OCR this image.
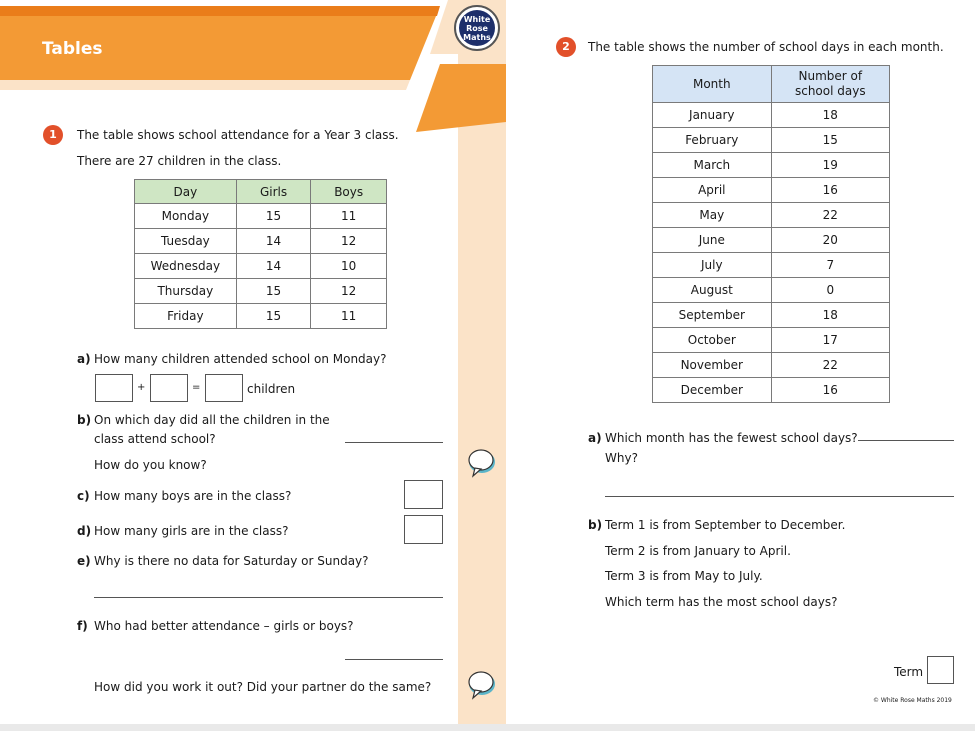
Tables
White
Rose
Maths
1	The table shows school attendance for a Year 3 class.
There are 27 children in the class.
Day	Girls	Boys
Monday	15	11
Tuesday	14	12
Wednesday	14	10
Thursday	15	12
Friday	15	11
a) How many children attended school on Monday?
+	=	children
b) On which day did all the children in the
class attend school?
How do you know?
c) How many boys are in the class?
d) How many girls are in the class?
e) Why is there no data for Saturday or Sunday?
f) Who had better attendance – girls or boys?
How did you work it out? Did your partner do the same?
2	The table shows the number of school days in each month.
Month	Number of
school days

January	18
February	15
March	19
April	16
May	22
June	20
July	7
August	0
September	18
October	17
November	22
December	16
a) Which month has the fewest school days?
Why?
b) Term 1 is from September to December.
Term 2 is from January to April.
Term 3 is from May to July.
Which term has the most school days?
Term
© White Rose Maths 2019
